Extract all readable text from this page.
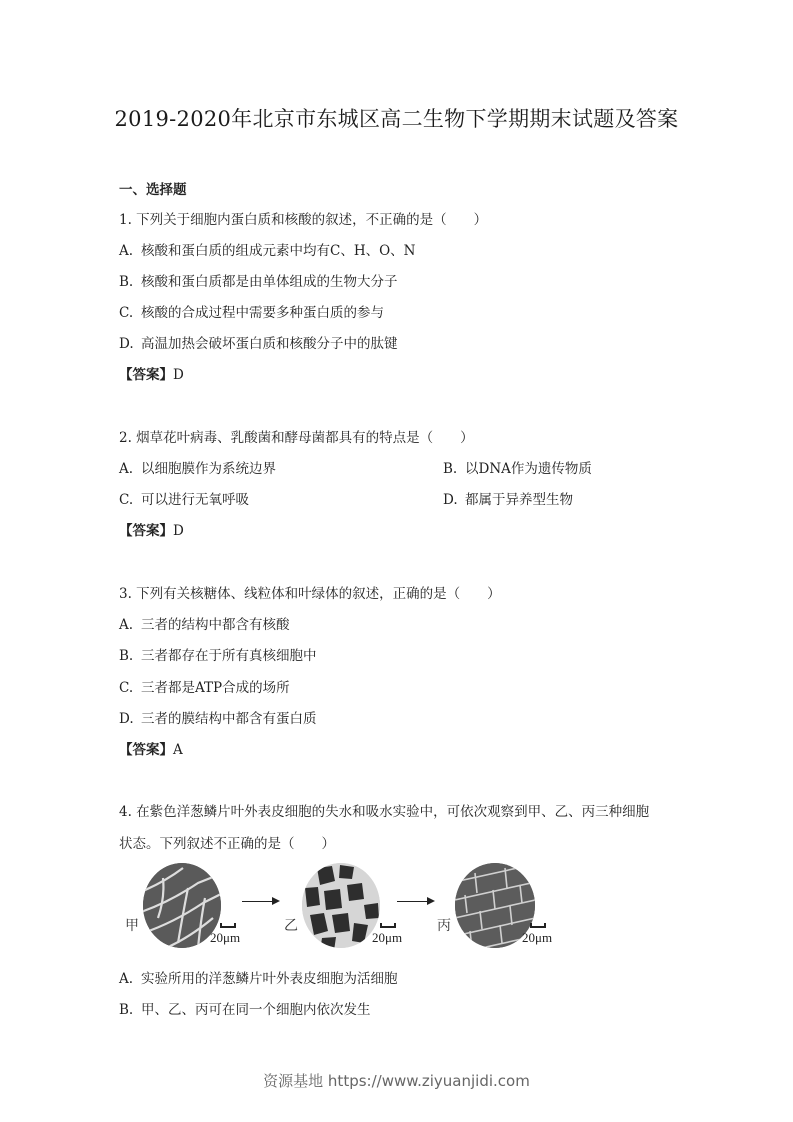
2019-2020年北京市东城区高二生物下学期期末试题及答案
一、选择题
1. 下列关于细胞内蛋白质和核酸的叙述，不正确的是（　　）
A. 核酸和蛋白质的组成元素中均有C、H、O、N
B. 核酸和蛋白质都是由单体组成的生物大分子
C. 核酸的合成过程中需要多种蛋白质的参与
D. 高温加热会破坏蛋白质和核酸分子中的肽键
【答案】D
2. 烟草花叶病毒、乳酸菌和酵母菌都具有的特点是（　　）
A. 以细胞膜作为系统边界	B. 以DNA作为遗传物质
C. 可以进行无氧呼吸	D. 都属于异养型生物
【答案】D
3. 下列有关核糖体、线粒体和叶绿体的叙述，正确的是（　　）
A. 三者的结构中都含有核酸
B. 三者都存在于所有真核细胞中
C. 三者都是ATP合成的场所
D. 三者的膜结构中都含有蛋白质
【答案】A
4. 在紫色洋葱鳞片叶外表皮细胞的失水和吸水实验中，可依次观察到甲、乙、丙三种细胞
状态。下列叙述不正确的是（　　）
甲
20μm
乙
20μm
丙
20μm
A. 实验所用的洋葱鳞片叶外表皮细胞为活细胞
B. 甲、乙、丙可在同一个细胞内依次发生
资源基地 https://www.ziyuanjidi.com
